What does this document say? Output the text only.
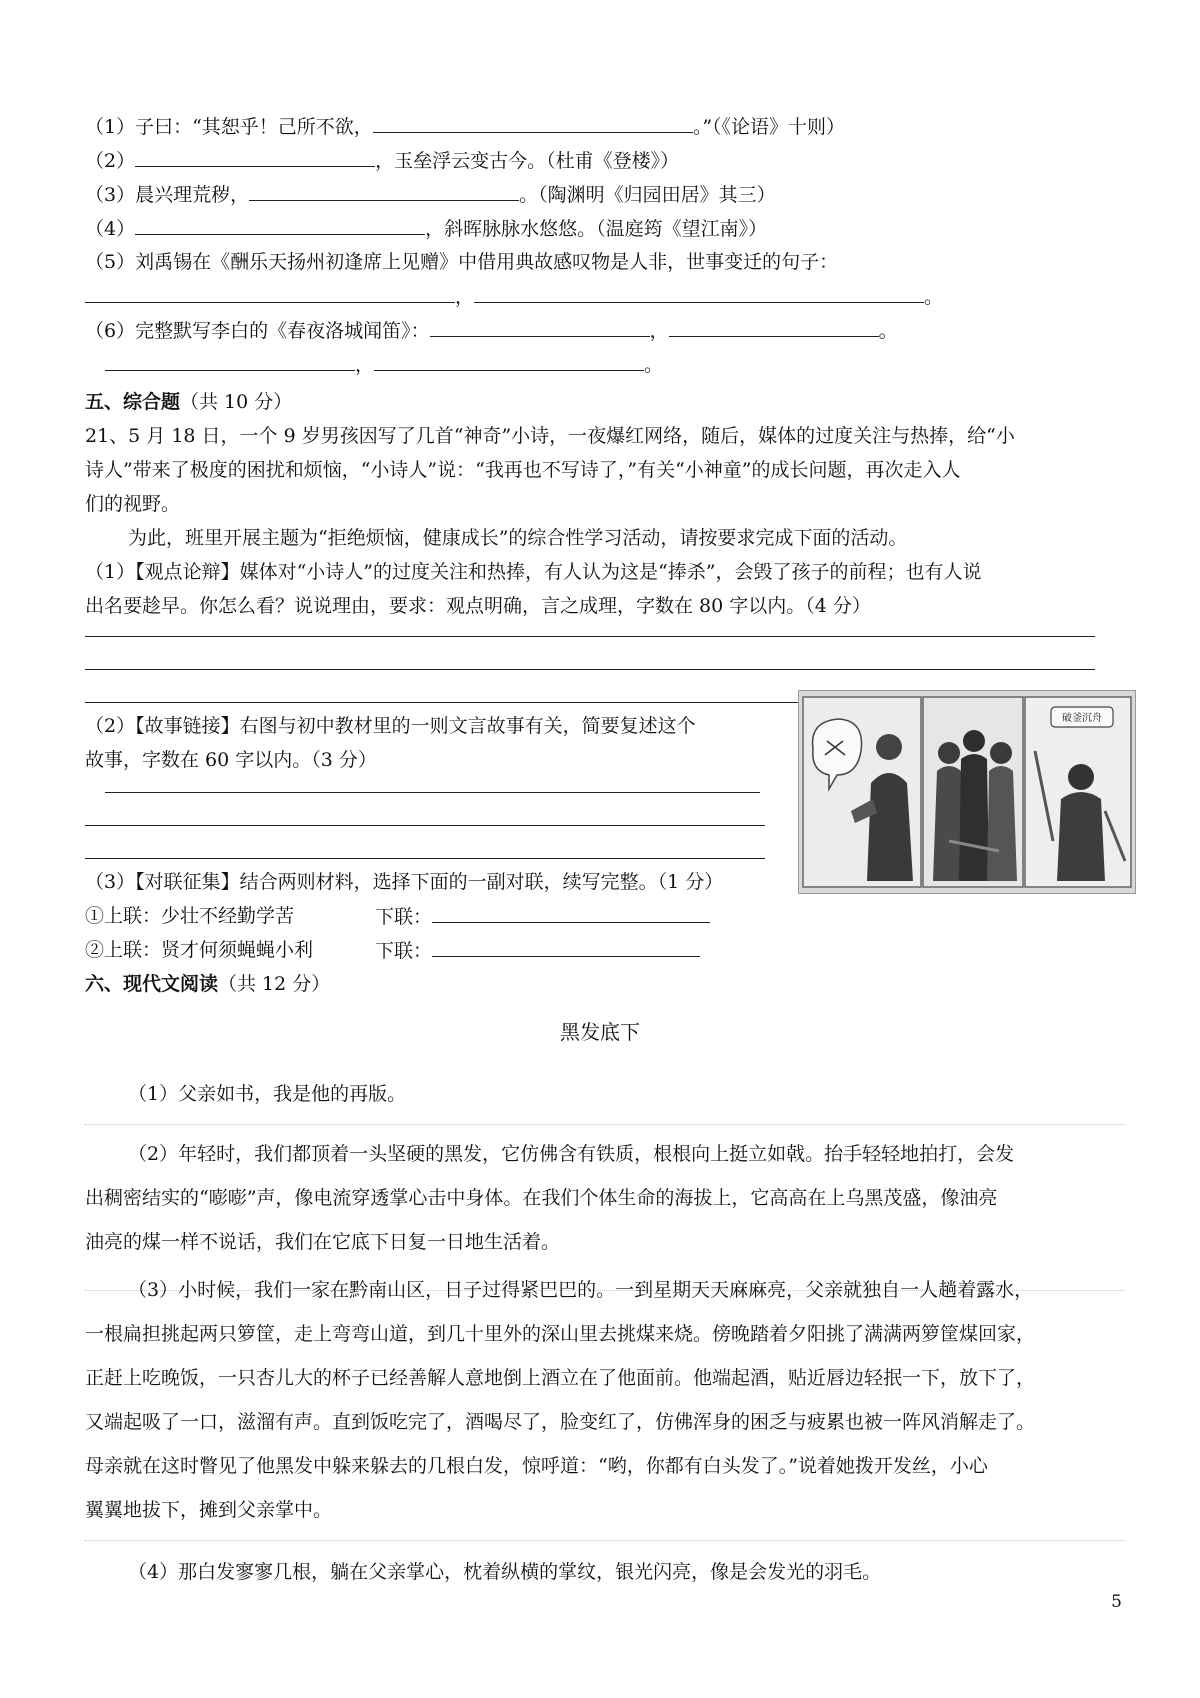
（1）子曰：“其恕乎！己所不欲，	。”（《论语》十则）
（2）	，玉垒浮云变古今。（杜甫《登楼》）
（3）晨兴理荒秽，	。（陶渊明《归园田居》其三）
（4）	，斜晖脉脉水悠悠。（温庭筠《望江南》）
（5）刘禹锡在《酬乐天扬州初逢席上见赠》中借用典故感叹物是人非，世事变迁的句子：
，	。
（6）完整默写李白的《春夜洛城闻笛》：	，	。
，	。
五、综合题（共 10 分）
21、5 月 18 日，一个 9 岁男孩因写了几首“神奇”小诗，一夜爆红网络，随后，媒体的过度关注与热捧，给“小
诗人”带来了极度的困扰和烦恼，“小诗人”说：“我再也不写诗了，”有关“小神童”的成长问题，再次走入人
们的视野。
为此，班里开展主题为“拒绝烦恼，健康成长”的综合性学习活动，请按要求完成下面的活动。
（1）【观点论辩】媒体对“小诗人”的过度关注和热捧，有人认为这是“捧杀”，会毁了孩子的前程；也有人说
出名要趁早。你怎么看？说说理由，要求：观点明确，言之成理，字数在 80 字以内。（4 分）
（2）【故事链接】右图与初中教材里的一则文言故事有关，简要复述这个
故事，字数在 60 字以内。（3 分）
（3）【对联征集】结合两则材料，选择下面的一副对联，续写完整。（1 分）
①上联：少壮不经勤学苦	下联：
②上联：贤才何须蝇蝇小利	下联：
破釜沉舟
六、现代文阅读（共 12 分）
黑发底下
（1）父亲如书，我是他的再版。
（2）年轻时，我们都顶着一头坚硬的黑发，它仿佛含有铁质，根根向上挺立如戟。抬手轻轻地拍打，会发
出稠密结实的“嘭嘭”声，像电流穿透掌心击中身体。在我们个体生命的海拔上，它高高在上乌黑茂盛，像油亮
油亮的煤一样不说话，我们在它底下日复一日地生活着。
（3）小时候，我们一家在黔南山区，日子过得紧巴巴的。一到星期天天麻麻亮，父亲就独自一人趟着露水，
一根扁担挑起两只箩筐，走上弯弯山道，到几十里外的深山里去挑煤来烧。傍晚踏着夕阳挑了满满两箩筐煤回家，
正赶上吃晚饭，一只杏儿大的杯子已经善解人意地倒上酒立在了他面前。他端起酒，贴近唇边轻抿一下，放下了，
又端起吸了一口，滋溜有声。直到饭吃完了，酒喝尽了，脸变红了，仿佛浑身的困乏与疲累也被一阵风消解走了。
母亲就在这时瞥见了他黑发中躲来躲去的几根白发，惊呼道：“哟，你都有白头发了。”说着她拨开发丝，小心
翼翼地拔下，摊到父亲掌中。
（4）那白发寥寥几根，躺在父亲掌心，枕着纵横的掌纹，银光闪亮，像是会发光的羽毛。
5
